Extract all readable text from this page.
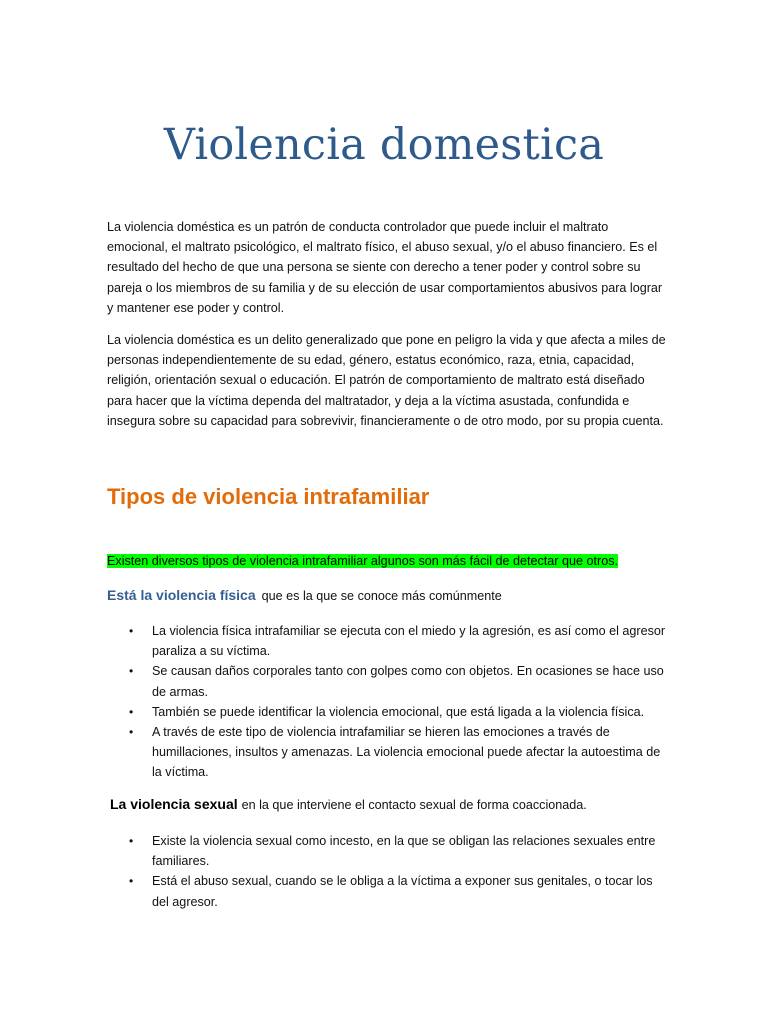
Violencia domestica

La violencia doméstica es un patrón de conducta controlador que puede incluir el maltrato emocional, el maltrato psicológico, el maltrato físico, el abuso sexual, y/o el abuso financiero. Es el resultado del hecho de que una persona se siente con derecho a tener poder y control sobre su pareja o los miembros de su familia y de su elección de usar comportamientos abusivos para lograr y mantener ese poder y control.

La violencia doméstica es un delito generalizado que pone en peligro la vida y que afecta a miles de personas independientemente de su edad, género, estatus económico, raza, etnia, capacidad, religión, orientación sexual o educación. El patrón de comportamiento de maltrato está diseñado para hacer que la víctima dependa del maltratador, y deja a la víctima asustada, confundida e insegura sobre su capacidad para sobrevivir, financieramente o de otro modo, por su propia cuenta.

Tipos de violencia intrafamiliar

Existen diversos tipos de violencia intrafamiliar algunos son más fácil de detectar que otros.

Está la violencia física que es la que se conoce más comúnmente

• La violencia física intrafamiliar se ejecuta con el miedo y la agresión, es así como el agresor paraliza a su víctima.
• Se causan daños corporales tanto con golpes como con objetos. En ocasiones se hace uso de armas.
• También se puede identificar la violencia emocional, que está ligada a la violencia física.
• A través de este tipo de violencia intrafamiliar se hieren las emociones a través de humillaciones, insultos y amenazas. La violencia emocional puede afectar la autoestima de la víctima.

La violencia sexual en la que interviene el contacto sexual de forma coaccionada.

• Existe la violencia sexual como incesto, en la que se obligan las relaciones sexuales entre familiares.
• Está el abuso sexual, cuando se le obliga a la víctima a exponer sus genitales, o tocar los del agresor.
